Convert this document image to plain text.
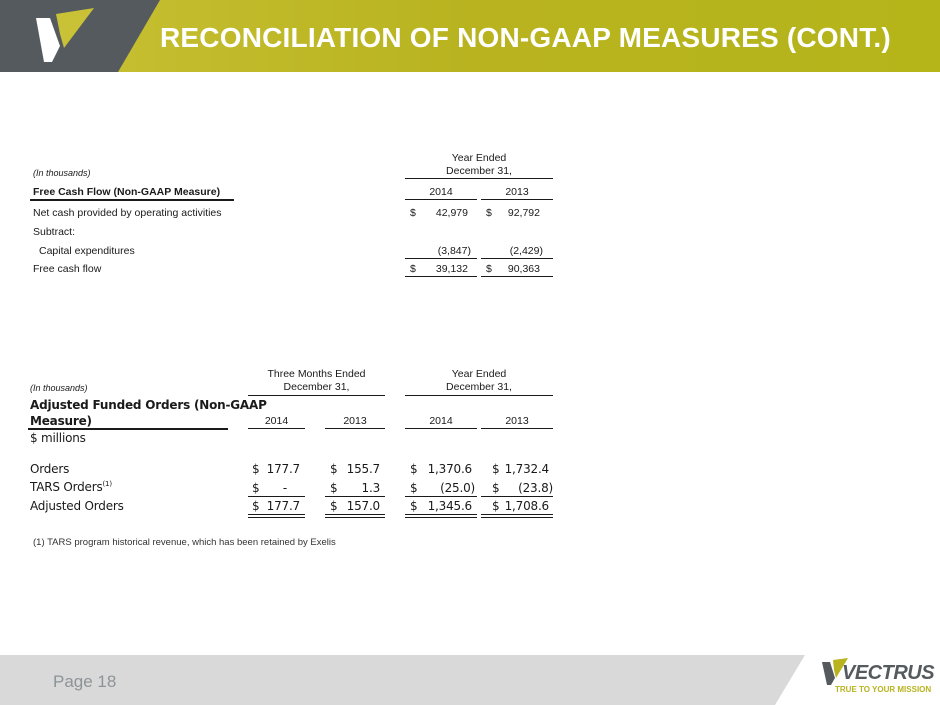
RECONCILIATION OF NON-GAAP MEASURES (CONT.)
(In thousands)
Year Ended
December 31,
Free Cash Flow (Non-GAAP Measure)	2014	2013
Net cash provided by operating activities	$	42,979 $	92,792
Subtract:
Capital expenditures	(3,847)	(2,429)
Free cash flow	$	39,132 $	90,363
(In thousands)
Three Months Ended
December 31,
Year Ended
December 31,
Adjusted Funded Orders (Non-GAAP
Measure)	2014	2013	2014	2013
$ millions
Orders	$ 177.7	$ 155.7	$ 1,370.6 $ 1,732.4
TARS Orders$^{(1)}$	$	-	$	1.3	$	(25.0) $	(23.8)
Adjusted Orders	$ 177.7	$ 157.0	$ 1,345.6 $ 1,708.6
(1) TARS program historical revenue, which has been retained by Exelis
Page 18	VECTRUS
TRUE TO YOUR MISSION
